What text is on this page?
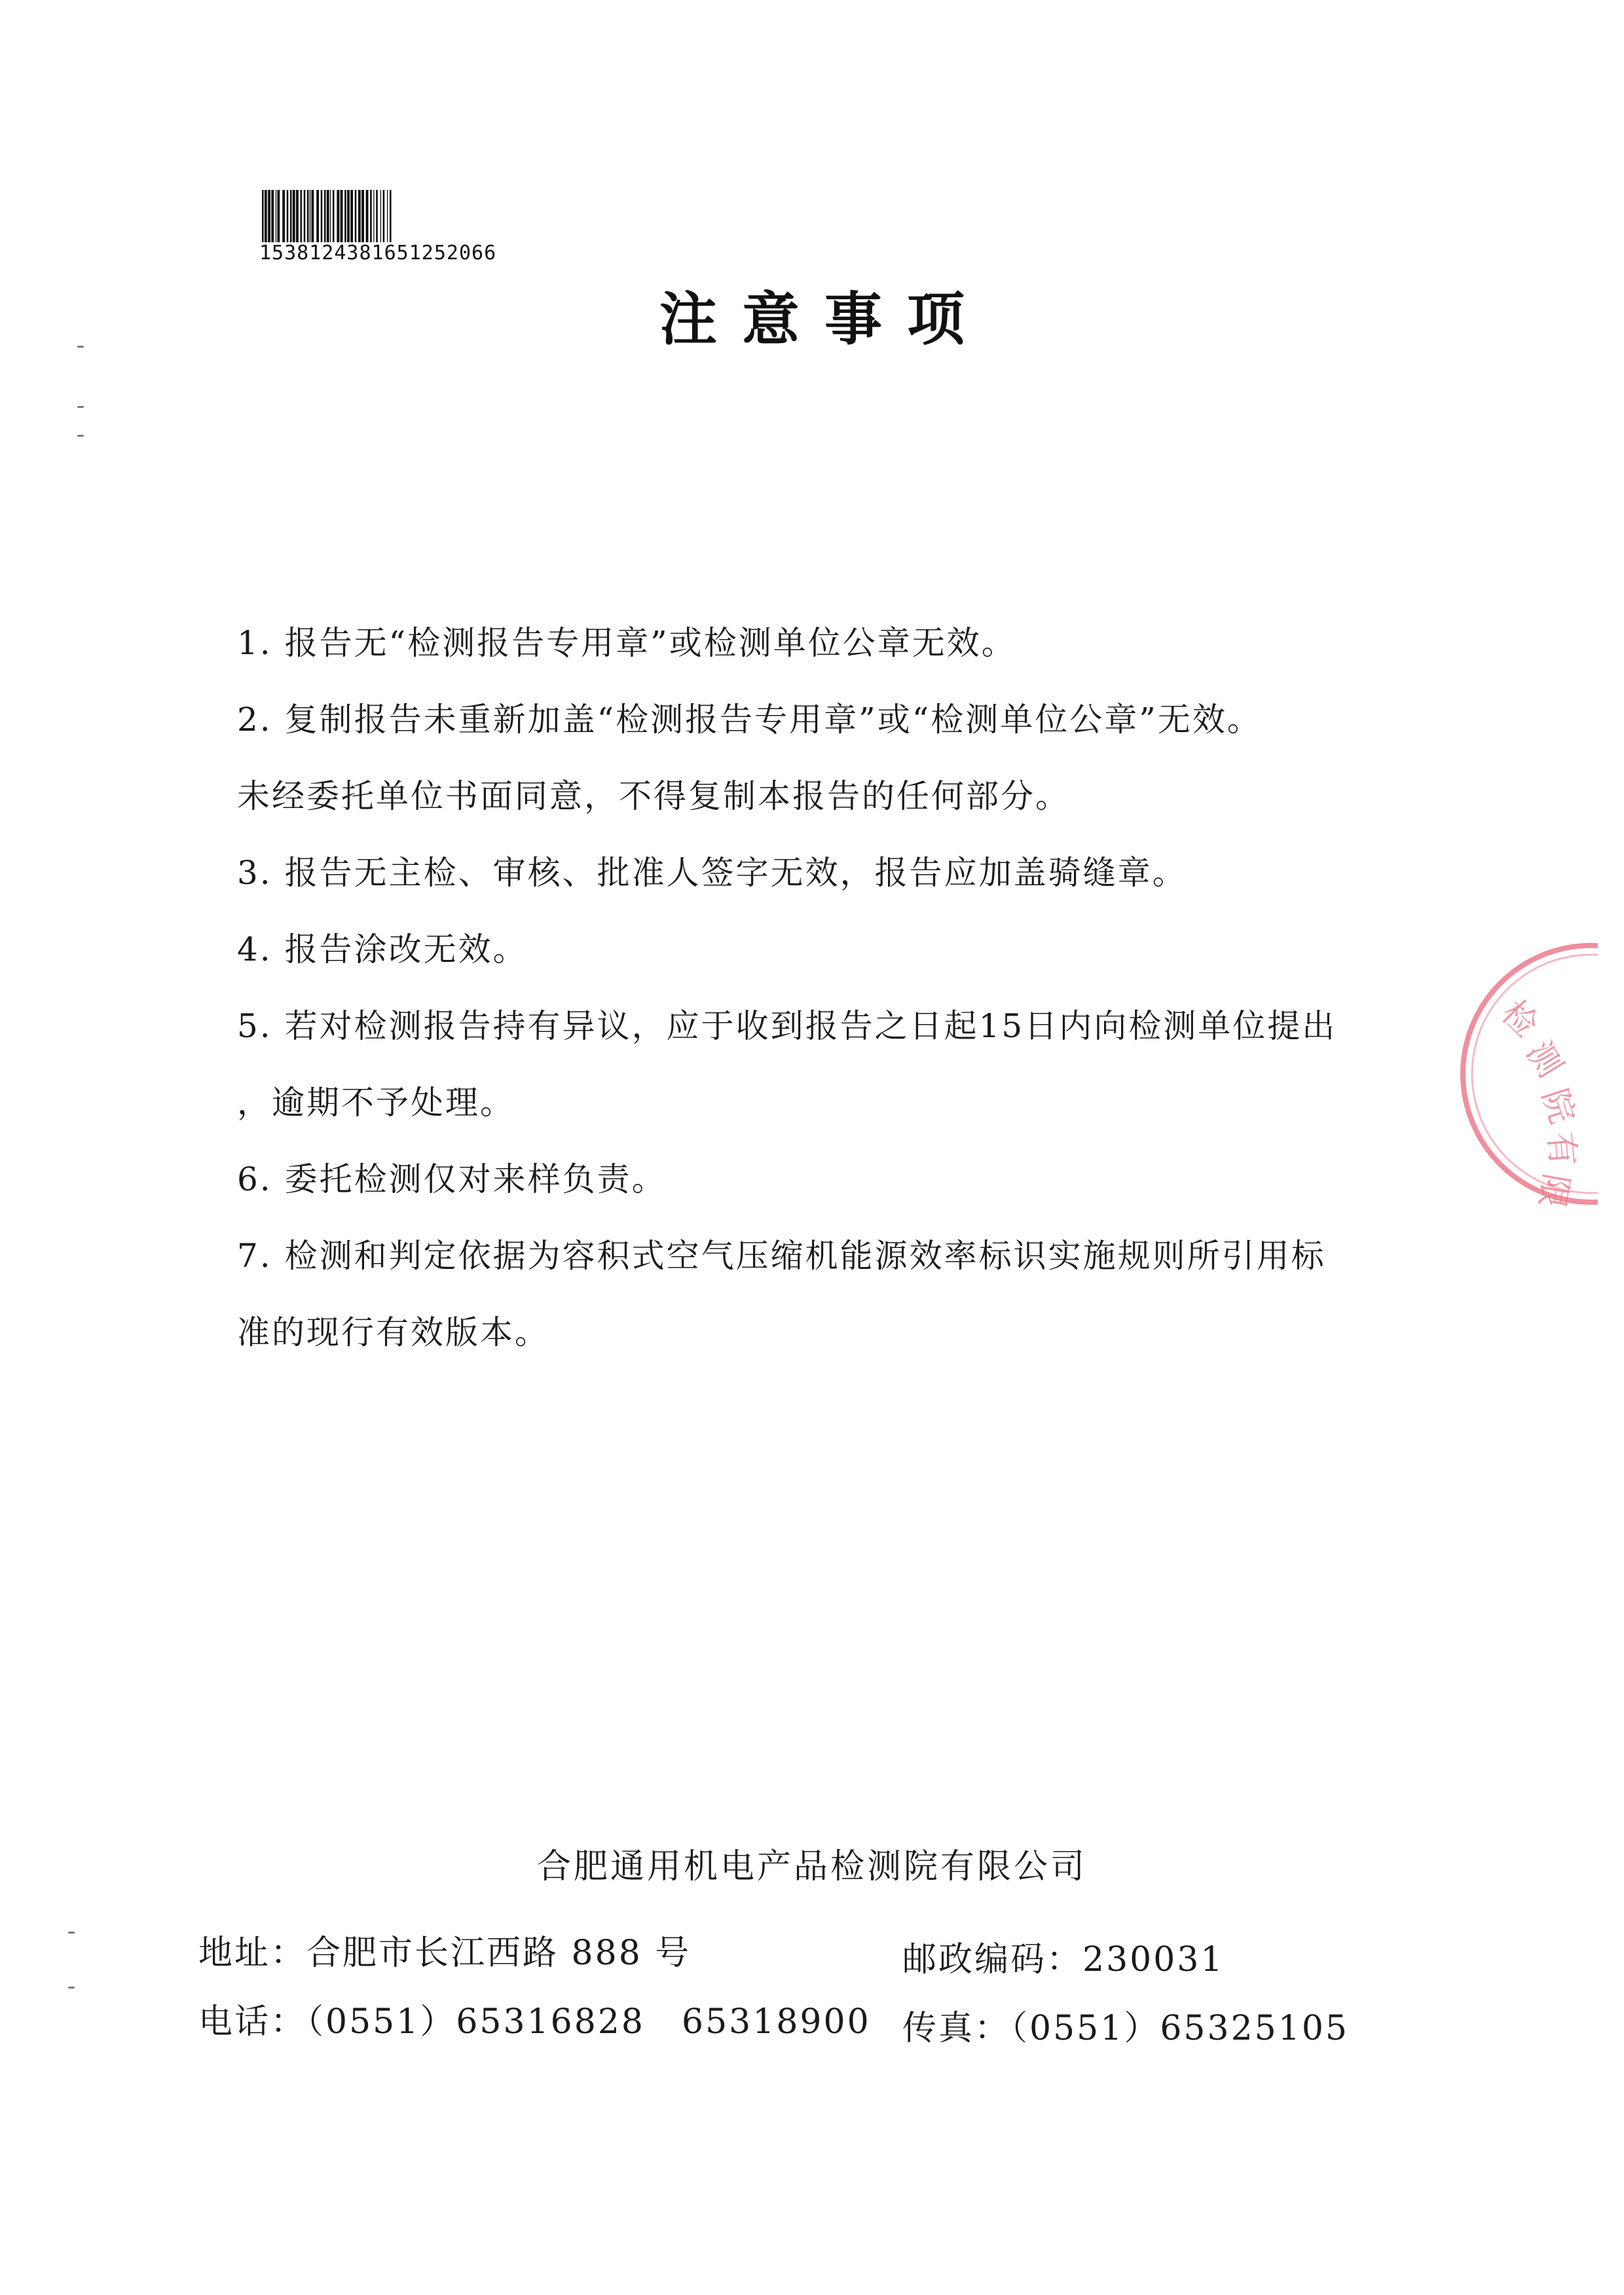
1538124381651252066
注意事项
1. 报告无“检测报告专用章”或检测单位公章无效。
2. 复制报告未重新加盖“检测报告专用章”或“检测单位公章”无效。
未经委托单位书面同意，不得复制本报告的任何部分。
3. 报告无主检、审核、批准人签字无效，报告应加盖骑缝章。
4. 报告涂改无效。
5. 若对检测报告持有异议，应于收到报告之日起15日内向检测单位提出
，逾期不予处理。
6. 委托检测仅对来样负责。
7. 检测和判定依据为容积式空气压缩机能源效率标识实施规则所引用标
准的现行有效版本。
检
测
院
有
限
合肥通用机电产品检测院有限公司
地址：合肥市长江西路 888 号	邮政编码：230031
电话：（0551）65316828 65318900 传真：（0551）65325105
